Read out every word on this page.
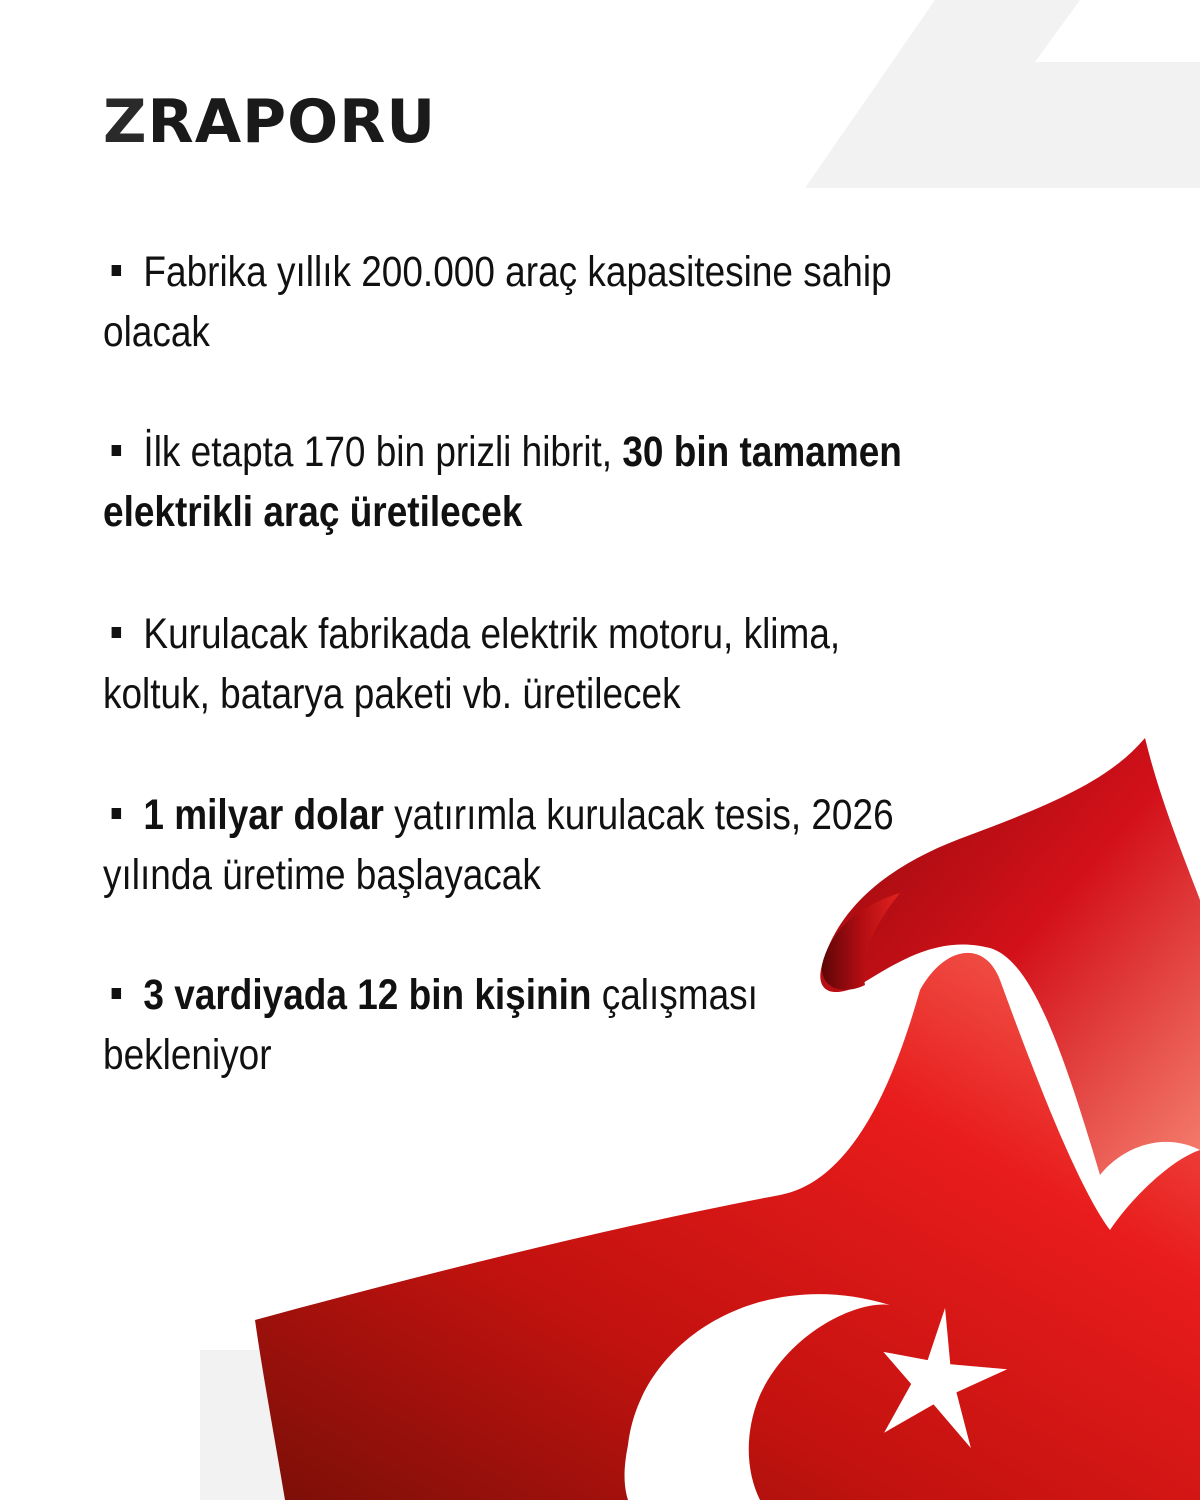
ZRAPORU

Fabrika yıllık 200.000 araç kapasitesine sahip olacak

İlk etapta 170 bin prizli hibrit, 30 bin tamamen elektrikli araç üretilecek

Kurulacak fabrikada elektrik motoru, klima, koltuk, batarya paketi vb. üretilecek

1 milyar dolar yatırımla kurulacak tesis, 2026 yılında üretime başlayacak

3 vardiyada 12 bin kişinin çalışması bekleniyor
